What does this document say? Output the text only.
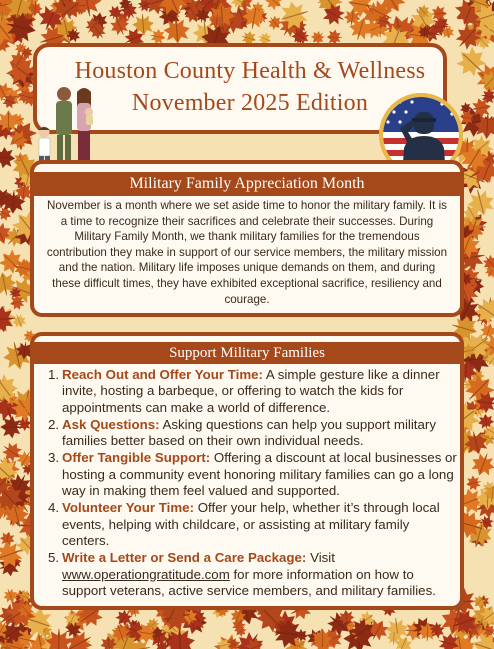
Houston County Health & Wellness
November 2025 Edition
Military Family Appreciation Month
November is a month where we set aside time to honor the military family. It is a time to recognize their sacrifices and celebrate their successes. During Military Family Month, we thank military families for the tremendous contribution they make in support of our service members, the military mission and the nation. Military life imposes unique demands on them, and during these difficult times, they have exhibited exceptional sacrifice, resiliency and courage.
Support Military Families
1. Reach Out and Offer Your Time: A simple gesture like a dinner invite, hosting a barbeque, or offering to watch the kids for appointments can make a world of difference.
2. Ask Questions: Asking questions can help you support military families better based on their own individual needs.
3. Offer Tangible Support: Offering a discount at local businesses or hosting a community event honoring military families can go a long way in making them feel valued and supported.
4. Volunteer Your Time: Offer your help, whether it’s through local events, helping with childcare, or assisting at military family centers.
5. Write a Letter or Send a Care Package: Visit www.operationgratitude.com for more information on how to support veterans, active service members, and military families.
